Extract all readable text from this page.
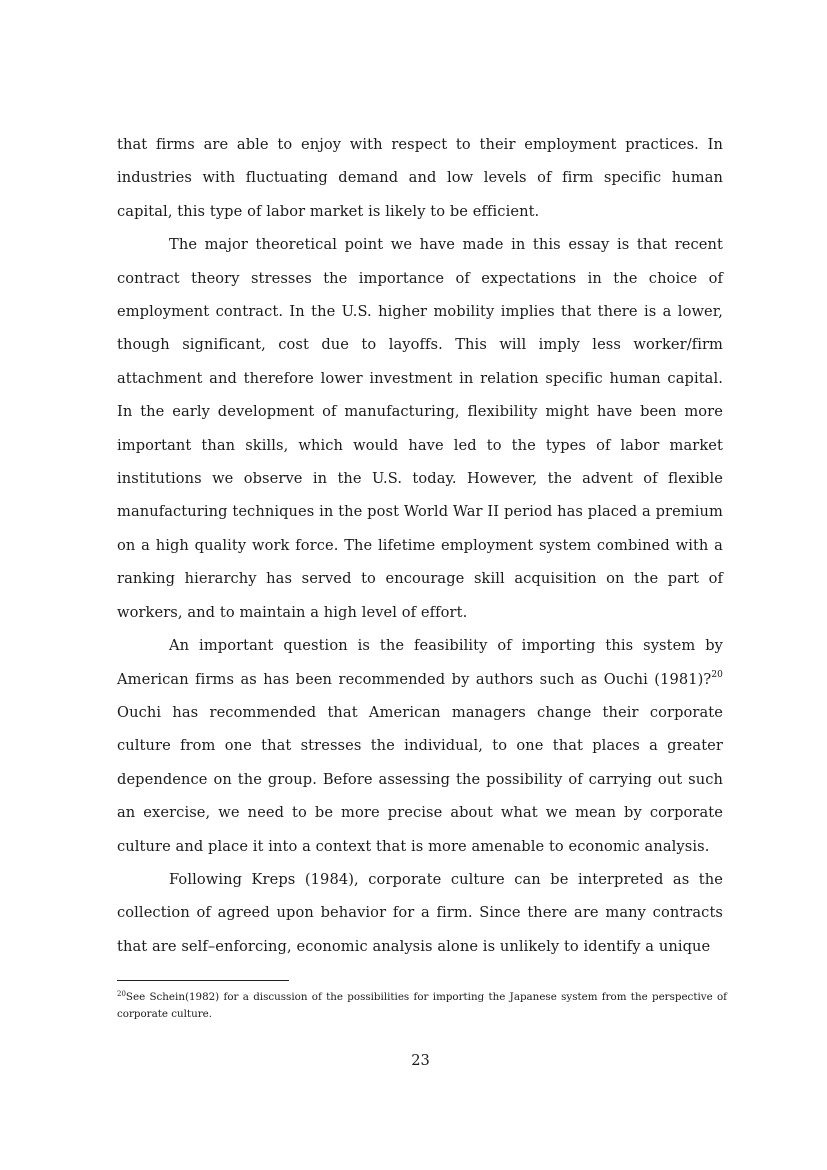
that firms are able to enjoy with respect to their employment practices. In industries with fluctuating demand and low levels of firm specific human capital, this type of labor market is likely to be efficient.

The major theoretical point we have made in this essay is that recent contract theory stresses the importance of expectations in the choice of employment contract. In the U.S. higher mobility implies that there is a lower, though significant, cost due to layoffs. This will imply less worker/firm attachment and therefore lower investment in relation specific human capital. In the early development of manufacturing, flexibility might have been more important than skills, which would have led to the types of labor market institutions we observe in the U.S. today. However, the advent of flexible manufacturing techniques in the post World War II period has placed a premium on a high quality work force. The lifetime employment system combined with a ranking hierarchy has served to encourage skill acquisition on the part of workers, and to maintain a high level of effort.

An important question is the feasibility of importing this system by American firms as has been recommended by authors such as Ouchi (1981)?$^{20}$ Ouchi has recommended that American managers change their corporate culture from one that stresses the individual, to one that places a greater dependence on the group. Before assessing the possibility of carrying out such an exercise, we need to be more precise about what we mean by corporate culture and place it into a context that is more amenable to economic analysis.

Following Kreps (1984), corporate culture can be interpreted as the collection of agreed upon behavior for a firm. Since there are many contracts that are self–enforcing, economic analysis alone is unlikely to identify a unique

$^{20}$See Schein(1982) for a discussion of the possibilities for importing the Japanese system from the perspective of corporate culture.

23
